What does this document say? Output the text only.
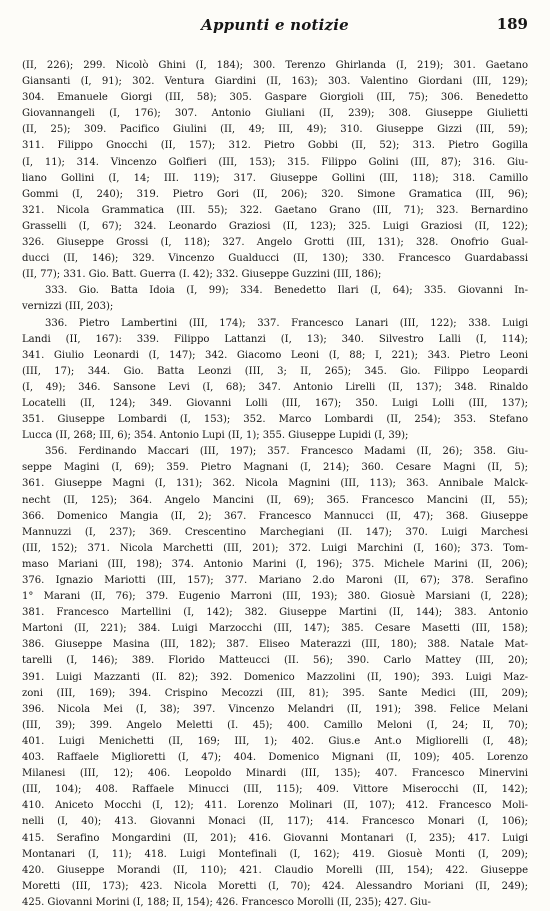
Appunti e notizie	189
(II, 226); 299. Nicolò Ghini (I, 184); 300. Terenzo Ghirlanda (I, 219); 301. Gaetano
Giansanti (I, 91); 302. Ventura Giardini (II, 163); 303. Valentino Giordani (III, 129);
304. Emanuele Giorgi (III, 58); 305. Gaspare Giorgioli (III, 75); 306. Benedetto
Giovannangeli (I, 176); 307. Antonio Giuliani (II, 239); 308. Giuseppe Giulietti
(II, 25); 309. Pacifico Giulini (II, 49; III, 49); 310. Giuseppe Gizzi (III, 59);
311. Filippo Gnocchi (II, 157); 312. Pietro Gobbi (II, 52); 313. Pietro Gogilla
(I, 11); 314. Vincenzo Golfieri (III, 153); 315. Filippo Golini (III, 87); 316. Giu-
liano Gollini (I, 14; III. 119); 317. Giuseppe Gollini (III, 118); 318. Camillo
Gommi (I, 240); 319. Pietro Gori (II, 206); 320. Simone Gramatica (III, 96);
321. Nicola Grammatica (III. 55); 322. Gaetano Grano (III, 71); 323. Bernardino
Grasselli (I, 67); 324. Leonardo Graziosi (II, 123); 325. Luigi Graziosi (II, 122);
326. Giuseppe Grossi (I, 118); 327. Angelo Grotti (III, 131); 328. Onofrio Gual-
ducci (II, 146); 329. Vincenzo Gualducci (II, 130); 330. Francesco Guardabassi
(II, 77); 331. Gio. Batt. Guerra (I. 42); 332. Giuseppe Guzzini (III, 186);
333. Gio. Batta Idoia (I, 99); 334. Benedetto Ilari (I, 64); 335. Giovanni In-
vernizzi (III, 203);
336. Pietro Lambertini (III, 174); 337. Francesco Lanari (III, 122); 338. Luigi
Landi (II, 167): 339. Filippo Lattanzi (I, 13); 340. Silvestro Lalli (I, 114);
341. Giulio Leonardi (I, 147); 342. Giacomo Leoni (I, 88; I, 221); 343. Pietro Leoni
(III, 17); 344. Gio. Batta Leonzi (III, 3; II, 265); 345. Gio. Filippo Leopardi
(I, 49); 346. Sansone Levi (I, 68); 347. Antonio Lirelli (II, 137); 348. Rinaldo
Locatelli (II, 124); 349. Giovanni Lolli (III, 167); 350. Luigi Lolli (III, 137);
351. Giuseppe Lombardi (I, 153); 352. Marco Lombardi (II, 254); 353. Stefano
Lucca (II, 268; III, 6); 354. Antonio Lupi (II, 1); 355. Giuseppe Lupidi (I, 39);
356. Ferdinando Maccari (III, 197); 357. Francesco Madami (II, 26); 358. Giu-
seppe Magini (I, 69); 359. Pietro Magnani (I, 214); 360. Cesare Magni (II, 5);
361. Giuseppe Magni (I, 131); 362. Nicola Magnini (III, 113); 363. Annibale Malck-
necht (II, 125); 364. Angelo Mancini (II, 69); 365. Francesco Mancini (II, 55);
366. Domenico Mangia (II, 2); 367. Francesco Mannucci (II, 47); 368. Giuseppe
Mannuzzi (I, 237); 369. Crescentino Marchegiani (II. 147); 370. Luigi Marchesi
(III, 152); 371. Nicola Marchetti (III, 201); 372. Luigi Marchini (I, 160); 373. Tom-
maso Mariani (III, 198); 374. Antonio Marini (I, 196); 375. Michele Marini (II, 206);
376. Ignazio Mariotti (III, 157); 377. Mariano 2.do Maroni (II, 67); 378. Serafino
1° Marani (II, 76); 379. Eugenio Marroni (III, 193); 380. Giosuè Marsiani (I, 228);
381. Francesco Martellini (I, 142); 382. Giuseppe Martini (II, 144); 383. Antonio
Martoni (II, 221); 384. Luigi Marzocchi (III, 147); 385. Cesare Masetti (III, 158);
386. Giuseppe Masina (III, 182); 387. Eliseo Materazzi (III, 180); 388. Natale Mat-
tarelli (I, 146); 389. Florido Matteucci (II. 56); 390. Carlo Mattey (III, 20);
391. Luigi Mazzanti (II. 82); 392. Domenico Mazzolini (II, 190); 393. Luigi Maz-
zoni (III, 169); 394. Crispino Mecozzi (III, 81); 395. Sante Medici (III, 209);
396. Nicola Mei (I, 38); 397. Vincenzo Melandri (II, 191); 398. Felice Melani
(III, 39); 399. Angelo Meletti (I. 45); 400. Camillo Meloni (I, 24; II, 70);
401. Luigi Menichetti (II, 169; III, 1); 402. Gius.e Ant.o Migliorelli (I, 48);
403. Raffaele Miglioretti (I, 47); 404. Domenico Mignani (II, 109); 405. Lorenzo
Milanesi (III, 12); 406. Leopoldo Minardi (III, 135); 407. Francesco Minervini
(III, 104); 408. Raffaele Minucci (III, 115); 409. Vittore Miserocchi (II, 142);
410. Aniceto Mocchi (I, 12); 411. Lorenzo Molinari (II, 107); 412. Francesco Moli-
nelli (I, 40); 413. Giovanni Monaci (II, 117); 414. Francesco Monari (I, 106);
415. Serafino Mongardini (II, 201); 416. Giovanni Montanari (I, 235); 417. Luigi
Montanari (I, 11); 418. Luigi Montefinali (I, 162); 419. Giosuè Monti (I, 209);
420. Giuseppe Morandi (II, 110); 421. Claudio Morelli (III, 154); 422. Giuseppe
Moretti (III, 173); 423. Nicola Moretti (I, 70); 424. Alessandro Moriani (II, 249);
425. Giovanni Morini (I, 188; II, 154); 426. Francesco Morolli (II, 235); 427. Giu-
